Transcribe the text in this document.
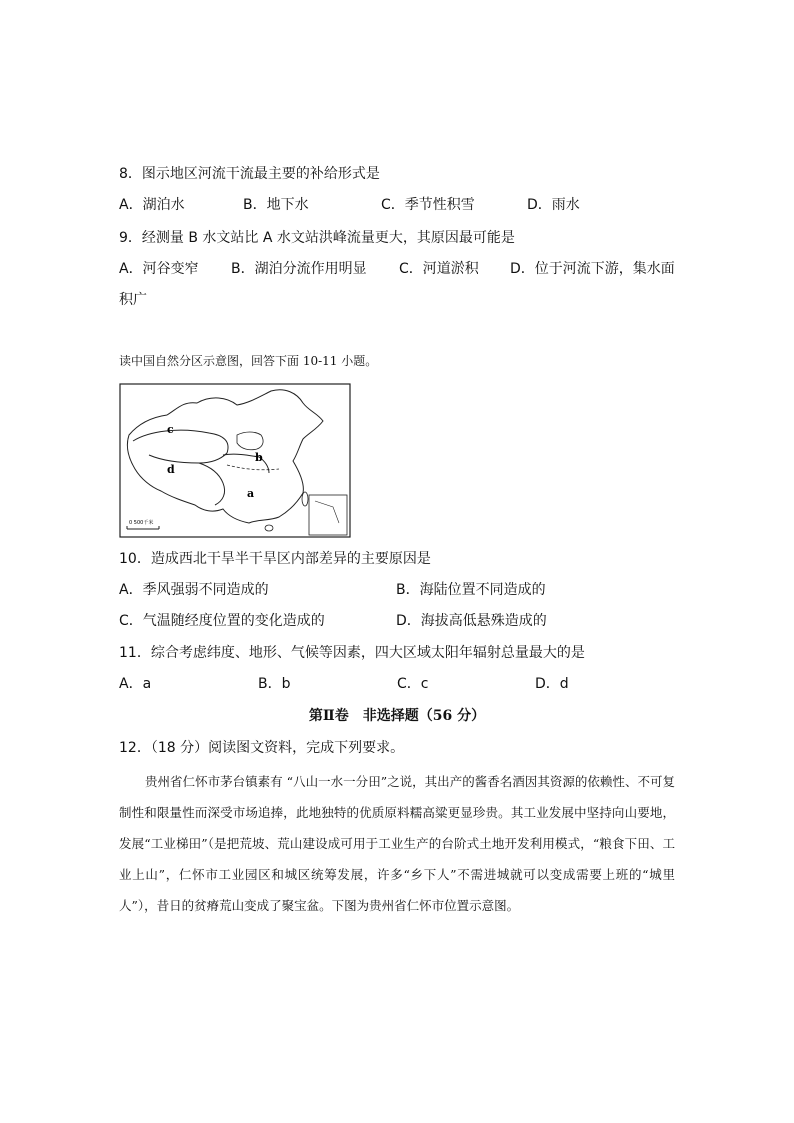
8．图示地区河流干流最主要的补给形式是
A．湖泊水	B．地下水	C．季节性积雪	D．雨水
9．经测量 B 水文站比 A 水文站洪峰流量更大，其原因最可能是
A．河谷变窄 B．湖泊分流作用明显 C．河道淤积 D．位于河流下游，集水面
积广
读中国自然分区示意图，回答下面 10-11 小题。
c
d
b
a
0 500千米
10．造成西北干旱半干旱区内部差异的主要原因是
A．季风强弱不同造成的	B．海陆位置不同造成的
C．气温随经度位置的变化造成的	D．海拔高低悬殊造成的
11．综合考虑纬度、地形、气候等因素，四大区域太阳年辐射总量最大的是
A．a	B．b	C．c	D．d
第Ⅱ卷　非选择题（56 分）
12．（18 分）阅读图文资料，完成下列要求。
贵州省仁怀市茅台镇素有 “八山一水一分田”之说，其出产的酱香名酒因其资源的依赖性、不可复制性和限量性而深受市场追捧，此地独特的优质原料糯高粱更显珍贵。其工业发展中坚持向山要地，发展“工业梯田”（是把荒坡、荒山建设成可用于工业生产的台阶式土地开发利用模式，“粮食下田、工业上山”，仁怀市工业园区和城区统筹发展，许多“乡下人”不需进城就可以变成需要上班的“城里人”），昔日的贫瘠荒山变成了聚宝盆。下图为贵州省仁怀市位置示意图。
